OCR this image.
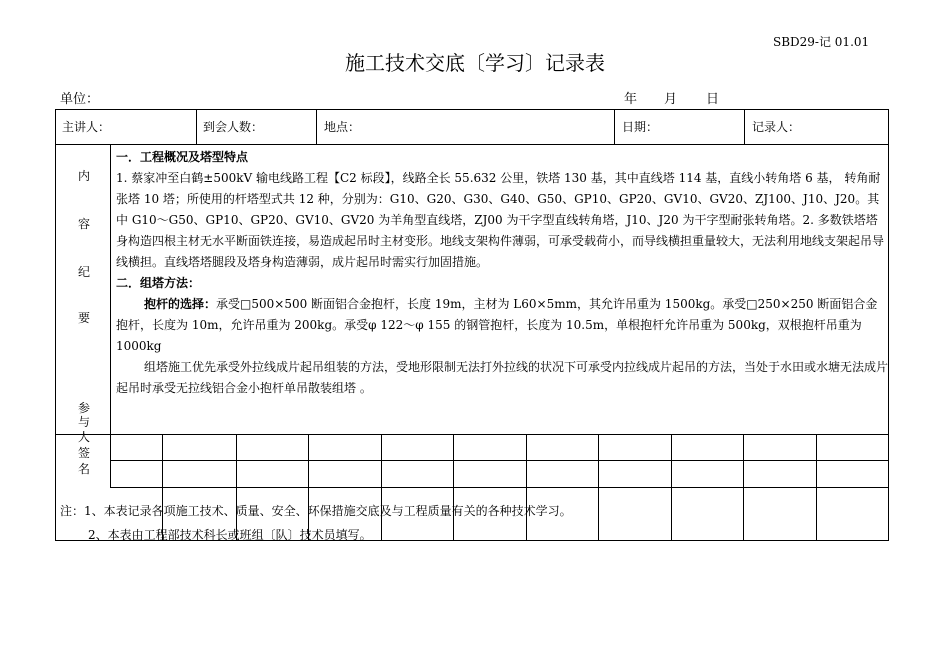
SBD29-记 01.01
施工技术交底〔学习〕记录表
单位：	年 月 日
主讲人：	到会人数：	地点：	日期：	记录人：
内
容
纪
要
参
与
人
签
名

一．工程概况及塔型特点

1. 蔡家冲至白鹤±500kV 输电线路工程【C2 标段】，线路全长 55.632 公里，铁塔 130 基，其中直线塔 114 基，直线小转角塔 6 基， 转角耐张塔 10 塔；所使用的杆塔型式共 12 种，分别为：G10、G20、G30、G40、G50、GP10、GP20、GV10、GV20、ZJ100、J10、J20。其中 G10～G50、GP10、GP20、GV10、GV20 为羊角型直线塔，ZJ00 为干字型直线转角塔，J10、J20 为干字型耐张转角塔。2. 多数铁塔塔身构造四根主材无水平断面铁连接，易造成起吊时主材变形。地线支架构件薄弱，可承受载荷小，而导线横担重量较大，无法利用地线支架起吊导线横担。直线塔塔腿段及塔身构造薄弱，成片起吊时需实行加固措施。

二．组塔方法：

抱杆的选择：承受□500×500 断面铝合金抱杆，长度 19m，主材为 L60×5mm，其允许吊重为 1500kg。承受□250×250 断面铝合金抱杆，长度为 10m，允许吊重为 200kg。承受φ 122～φ 155 的钢管抱杆，长度为 10.5m，单根抱杆允许吊重为 500kg，双根抱杆吊重为 1000kg

组塔施工优先承受外拉线成片起吊组装的方法，受地形限制无法打外拉线的状况下可承受内拉线成片起吊的方法，当处于水田或水塘无法成片起吊时承受无拉线铝合金小抱杆单吊散装组塔 。

注：1、本表记录各项施工技术、质量、安全、环保措施交底及与工程质量有关的各种技术学习。
2、本表由工程部技术科长或班组〔队〕技术员填写。
